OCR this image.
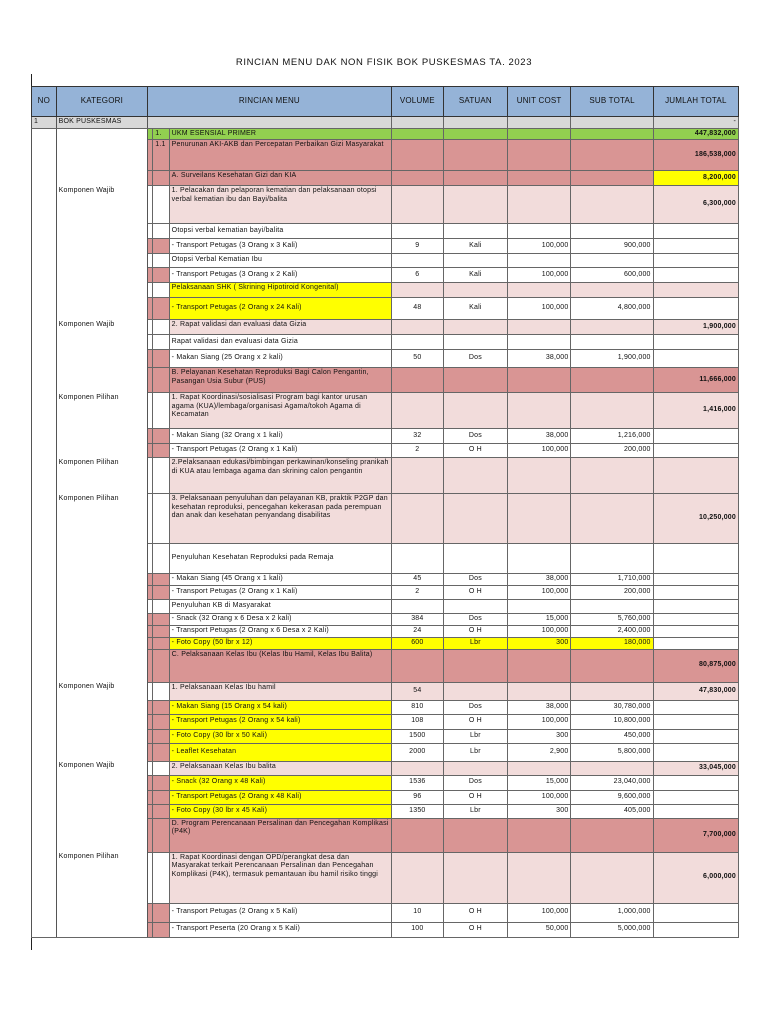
RINCIAN MENU DAK NON FISIK BOK PUSKESMAS TA. 2023
NO	KATEGORI	RINCIAN MENU			VOLUME	SATUAN	UNIT COST	SUB TOTAL	JUMLAH TOTAL
1	BOK PUSKESMAS								-
			1.	UKM ESENSIAL PRIMER					447,832,000
			1.1	Penurunan AKI-AKB dan Percepatan Perbaikan Gizi Masyarakat					186,538,000
				A. Surveilans Kesehatan Gizi dan KIA					8,200,000
	Komponen Wajib			1. Pelacakan dan pelaporan kematian dan pelaksanaan otopsi verbal kematian ibu dan Bayi/balita					6,300,000
				Otopsi verbal kematian bayi/balita					
				- Transport Petugas (3 Orang x 3 Kali)	9	Kali	100,000	900,000	
				Otopsi Verbal Kematian Ibu					
				- Transport Petugas (3 Orang x 2 Kali)	6	Kali	100,000	600,000	
				Pelaksanaan SHK ( Skrining Hipotiroid Kongenital)					
				- Transport Petugas (2 Orang x 24 Kali)	48	Kali	100,000	4,800,000	
	Komponen Wajib			2. Rapat validasi dan evaluasi data Gizia					1,900,000
				Rapat validasi dan evaluasi data Gizia					
				- Makan Siang (25 Orang x 2 kali)	50	Dos	38,000	1,900,000	
				B. Pelayanan Kesehatan Reproduksi Bagi Calon Pengantin, Pasangan Usia Subur (PUS)					11,666,000
	Komponen Pilihan			1. Rapat Koordinasi/sosialisasi Program bagi kantor urusan agama (KUA)/lembaga/organisasi Agama/tokoh Agama di Kecamatan					1,416,000
				- Makan Siang (32 Orang x 1 kali)	32	Dos	38,000	1,216,000	
				- Transport Petugas (2 Orang x 1 Kali)	2	O H	100,000	200,000	
	Komponen Pilihan			2.Pelaksanaan edukasi/bimbingan perkawinan/konseling pranikah di KUA atau lembaga agama dan skrining calon pengantin					
	Komponen Pilihan			3. Pelaksanaan penyuluhan dan pelayanan KB, praktik P2GP dan kesehatan reproduksi, pencegahan kekerasan pada perempuan dan anak dan kesehatan penyandang disabilitas					10,250,000
				Penyuluhan Kesehatan Reproduksi pada Remaja					
				- Makan Siang (45 Orang x 1 kali)	45	Dos	38,000	1,710,000	
				- Transport Petugas (2 Orang x 1 Kali)	2	O H	100,000	200,000	
				Penyuluhan KB di Masyarakat					
				- Snack (32 Orang x 6 Desa x 2 kali)	384	Dos	15,000	5,760,000	
				- Transport Petugas (2 Orang x 6 Desa x 2 Kali)	24	O H	100,000	2,400,000	
				- Foto Copy (50 lbr x 12)	600	Lbr	300	180,000	
				C. Pelaksanaan Kelas Ibu (Kelas Ibu Hamil, Kelas Ibu Balita)					80,875,000
	Komponen Wajib			1. Pelaksanaan Kelas Ibu hamil	54				47,830,000
				- Makan Siang (15 Orang x 54 kali)	810	Dos	38,000	30,780,000	
				- Transport Petugas (2 Orang x 54 kali)	108	O H	100,000	10,800,000	
				- Foto Copy (30 lbr x 50 Kali)	1500	Lbr	300	450,000	
				- Leaflet Kesehatan	2000	Lbr	2,900	5,800,000	
	Komponen Wajib			2. Pelaksanaan Kelas Ibu balita					33,045,000
				- Snack (32 Orang x 48 Kali)	1536	Dos	15,000	23,040,000	
				- Transport Petugas (2 Orang x 48 Kali)	96	O H	100,000	9,600,000	
				- Foto Copy (30 lbr x 45 Kali)	1350	Lbr	300	405,000	
				D. Program Perencanaan Persalinan dan Pencegahan Komplikasi (P4K)					7,700,000
	Komponen Pilihan			1. Rapat Koordinasi dengan OPD/perangkat desa dan Masyarakat terkait Perencanaan Persalinan dan Pencegahan Komplikasi (P4K), termasuk pemantauan ibu hamil risiko tinggi					6,000,000
				- Transport Petugas (2 Orang x 5 Kali)	10	O H	100,000	1,000,000	
				- Transport Peserta (20 Orang x 5 Kali)	100	O H	50,000	5,000,000	
